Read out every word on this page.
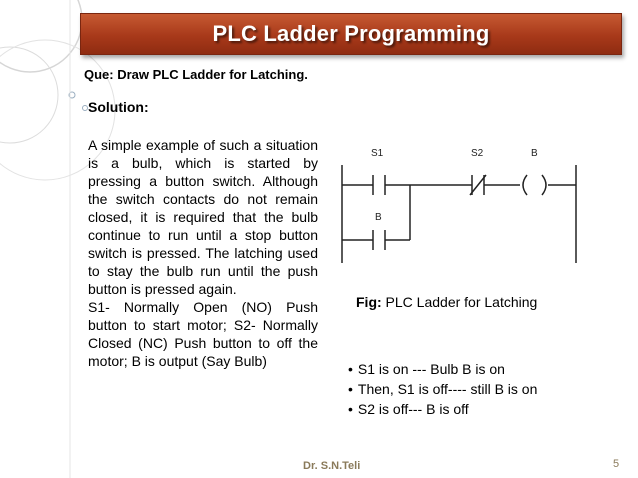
PLC Ladder Programming
Que: Draw PLC Ladder for Latching.
Solution:

A simple example of such a situation is a bulb, which is started by pressing a button switch. Although the switch contacts do not remain closed, it is required that the bulb continue to run until a stop button switch is pressed. The latching used to stay the bulb run until the push button is pressed again.

S1- Normally Open (NO) Push button to start motor; S2- Normally Closed (NC) Push button to off the motor; B is output (Say Bulb)

S1	S2	B
B
Fig: PLC Ladder for Latching
• S1 is on --- Bulb B is on
• Then, S1 is off---- still B is on
• S2 is off--- B is off
Dr. S.N.Teli	5
